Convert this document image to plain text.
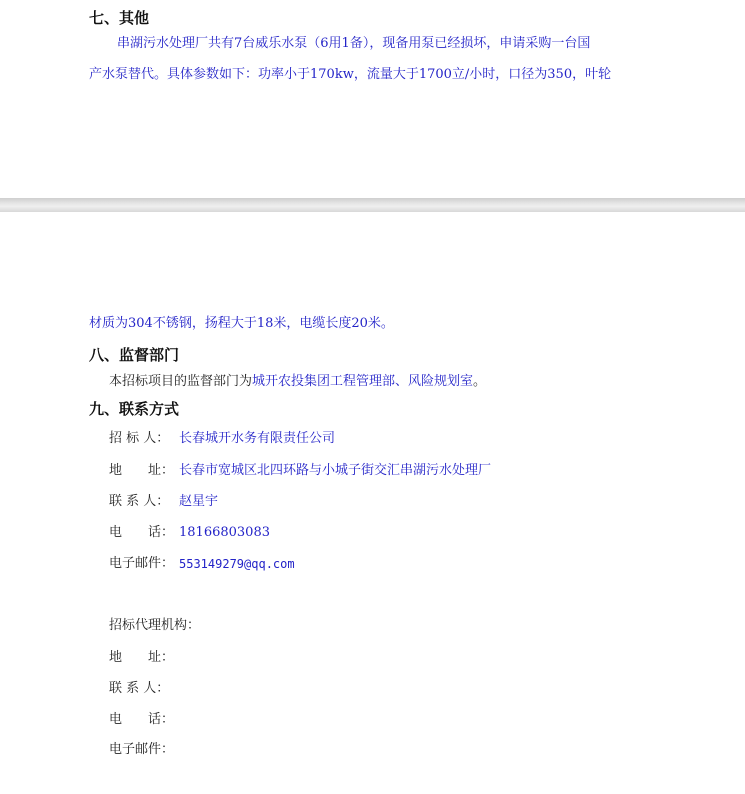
七、其他
串湖污水处理厂共有7台威乐水泵（6用1备），现备用泵已经损坏，申请采购一台国
产水泵替代。具体参数如下：功率小于170kw，流量大于1700立/小时，口径为350，叶轮
材质为304不锈钢，扬程大于18米，电缆长度20米。
八、监督部门
本招标项目的监督部门为城开农投集团工程管理部、风险规划室。
九、联系方式
招 标 人： 长春城开水务有限责任公司
地　　址： 长春市宽城区北四环路与小城子街交汇串湖污水处理厂
联 系 人： 赵星宇
电　　话： 18166803083
电子邮件： 553149279@qq.com
招标代理机构：
地　　址：
联 系 人：
电　　话：
电子邮件：
